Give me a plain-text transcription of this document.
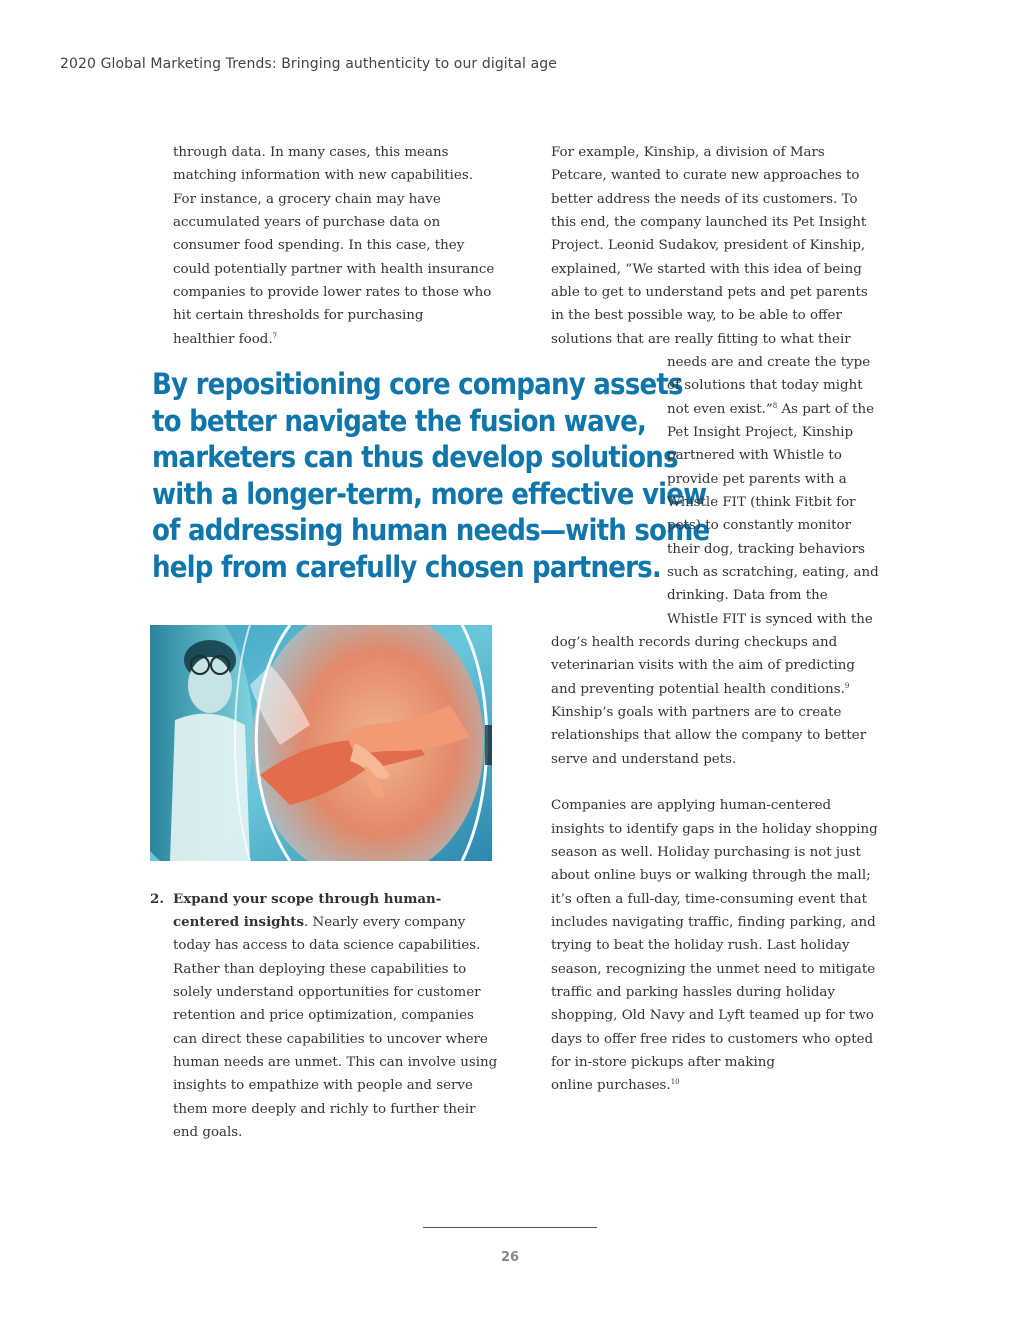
2020 Global Marketing Trends: Bringing authenticity to our digital age
through data. In many cases, this means
matching information with new capabilities.
For instance, a grocery chain may have
accumulated years of purchase data on
consumer food spending. In this case, they
could potentially partner with health insurance
companies to provide lower rates to those who
hit certain thresholds for purchasing
healthier food.$^7$
By repositioning core company assets
to better navigate the fusion wave,
marketers can thus develop solutions
with a longer-term, more effective view
of addressing human needs—with some
help from carefully chosen partners.
2. Expand your scope through human-
centered insights. Nearly every company
today has access to data science capabilities.
Rather than deploying these capabilities to
solely understand opportunities for customer
retention and price optimization, companies
can direct these capabilities to uncover where
human needs are unmet. This can involve using
insights to empathize with people and serve
them more deeply and richly to further their
end goals.
For example, Kinship, a division of Mars
Petcare, wanted to curate new approaches to
better address the needs of its customers. To
this end, the company launched its Pet Insight
Project. Leonid Sudakov, president of Kinship,
explained, “We started with this idea of being
able to get to understand pets and pet parents
in the best possible way, to be able to offer
solutions that are really fitting to what their
needs are and create the type
of solutions that today might
not even exist.”$^8$ As part of the
Pet Insight Project, Kinship
partnered with Whistle to
provide pet parents with a
Whistle FIT (think Fitbit for
pets) to constantly monitor
their dog, tracking behaviors
such as scratching, eating, and
drinking. Data from the
Whistle FIT is synced with the
dog’s health records during checkups and
veterinarian visits with the aim of predicting
and preventing potential health conditions.$^9$
Kinship’s goals with partners are to create
relationships that allow the company to better
serve and understand pets.
Companies are applying human-centered
insights to identify gaps in the holiday shopping
season as well. Holiday purchasing is not just
about online buys or walking through the mall;
it’s often a full-day, time-consuming event that
includes navigating traffic, finding parking, and
trying to beat the holiday rush. Last holiday
season, recognizing the unmet need to mitigate
traffic and parking hassles during holiday
shopping, Old Navy and Lyft teamed up for two
days to offer free rides to customers who opted
for in-store pickups after making
online purchases.$^{10}$
26
